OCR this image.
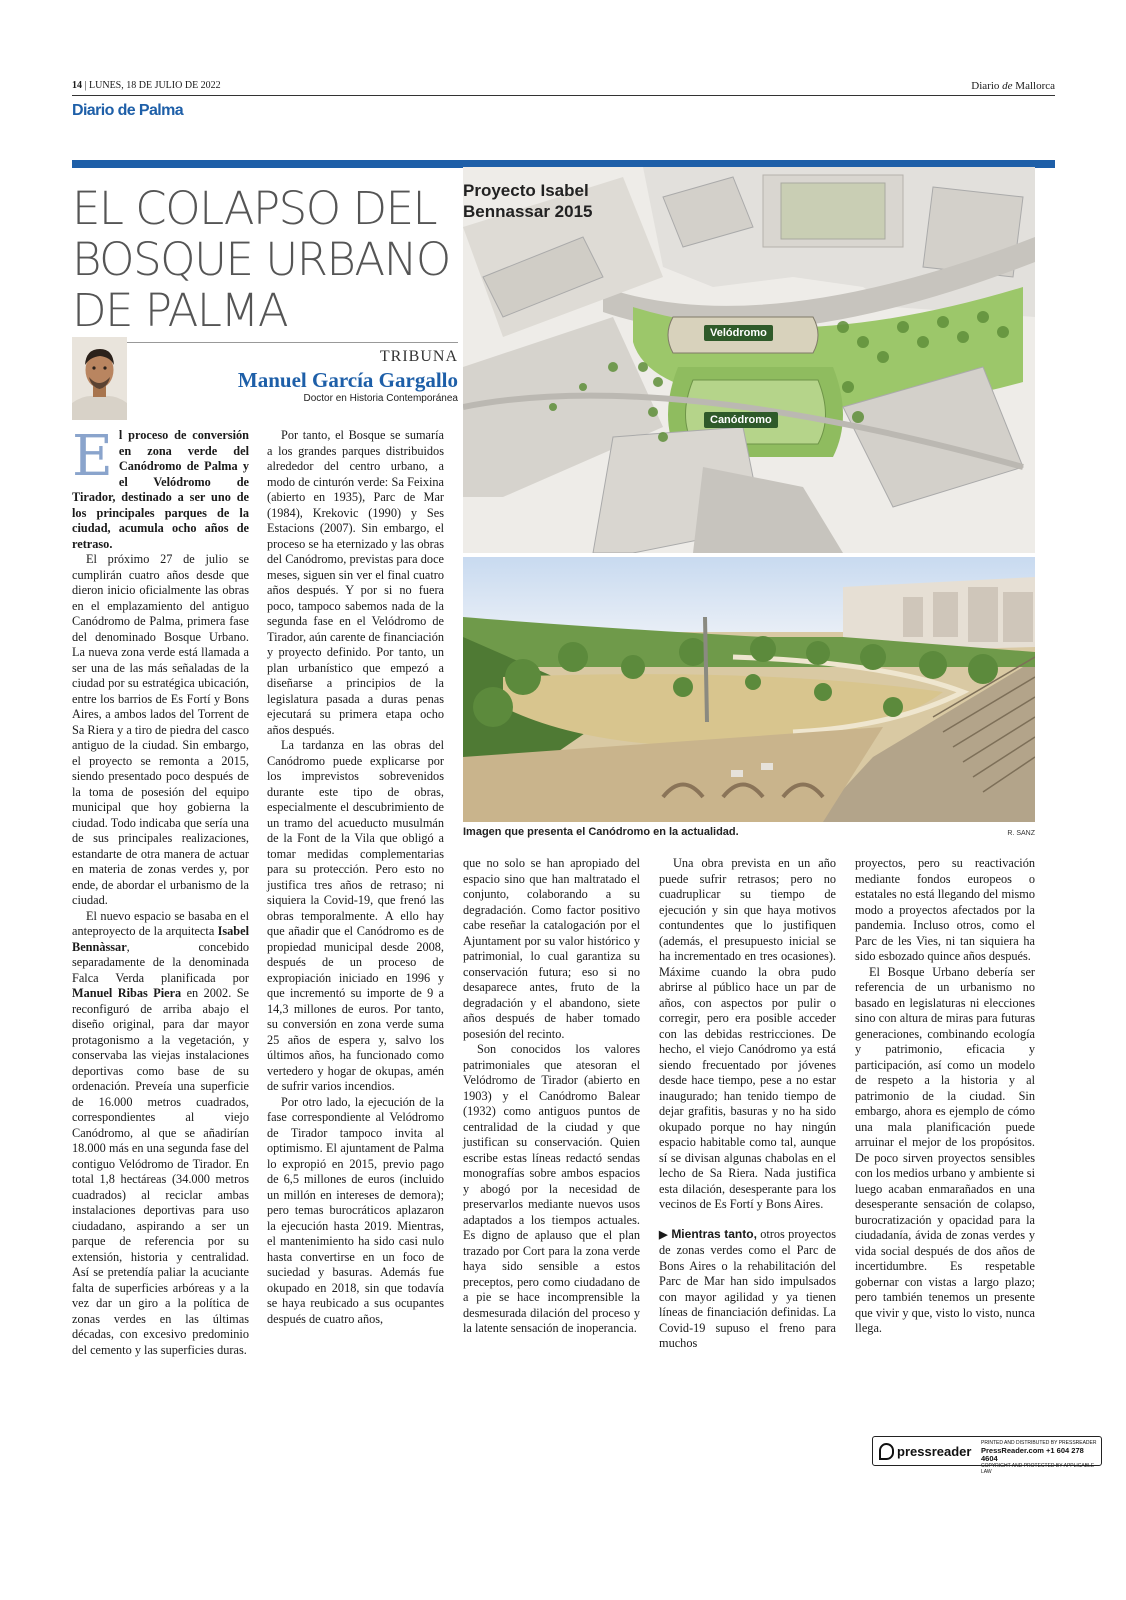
14 | LUNES, 18 DE JULIO DE 2022	Diario de Mallorca
Diario de Palma
EL COLAPSO DEL
BOSQUE URBANO
DE PALMA
TRIBUNA
Manuel García Gargallo
Doctor en Historia Contemporánea

El proceso de conversión en zona verde del Canódromo de Palma y el Velódromo de Tirador, destinado a ser uno de los principales parques de la ciudad, acumula ocho años de retraso.

El próximo 27 de julio se cumplirán cuatro años desde que dieron inicio oficialmente las obras en el emplazamiento del antiguo Canódromo de Palma, primera fase del denominado Bosque Urbano. La nueva zona verde está llamada a ser una de las más señaladas de la ciudad por su estratégica ubicación, entre los barrios de Es Fortí y Bons Aires, a ambos lados del Torrent de Sa Riera y a tiro de piedra del casco antiguo de la ciudad. Sin embargo, el proyecto se remonta a 2015, siendo presentado poco después de la toma de posesión del equipo municipal que hoy gobierna la ciudad. Todo indicaba que sería una de sus principales realizaciones, estandarte de otra manera de actuar en materia de zonas verdes y, por ende, de abordar el urbanismo de la ciudad.

El nuevo espacio se basaba en el anteproyecto de la arquitecta Isabel Bennàssar, concebido separadamente de la denominada Falca Verda planificada por Manuel Ribas Piera en 2002. Se reconfiguró de arriba abajo el diseño original, para dar mayor protagonismo a la vegetación, y conservaba las viejas instalaciones deportivas como base de su ordenación. Preveía una superficie de 16.000 metros cuadrados, correspondientes al viejo Canódromo, al que se añadirían 18.000 más en una segunda fase del contiguo Velódromo de Tirador. En total 1,8 hectáreas (34.000 metros cuadrados) al reciclar ambas instalaciones deportivas para uso ciudadano, aspirando a ser un parque de referencia por su extensión, historia y centralidad. Así se pretendía paliar la acuciante falta de superficies arbóreas y a la vez dar un giro a la política de zonas verdes en las últimas décadas, con excesivo predominio del cemento y las superficies duras.

Por tanto, el Bosque se sumaría a los grandes parques distribuidos alrededor del centro urbano, a modo de cinturón verde: Sa Feixina (abierto en 1935), Parc de Mar (1984), Krekovic (1990) y Ses Estacions (2007). Sin embargo, el proceso se ha eternizado y las obras del Canódromo, previstas para doce meses, siguen sin ver el final cuatro años después. Y por si no fuera poco, tampoco sabemos nada de la segunda fase en el Velódromo de Tirador, aún carente de financiación y proyecto definido. Por tanto, un plan urbanístico que empezó a diseñarse a principios de la legislatura pasada a duras penas ejecutará su primera etapa ocho años después.

La tardanza en las obras del Canódromo puede explicarse por los imprevistos sobrevenidos durante este tipo de obras, especialmente el descubrimiento de un tramo del acueducto musulmán de la Font de la Vila que obligó a tomar medidas complementarias para su protección. Pero esto no justifica tres años de retraso; ni siquiera la Covid-19, que frenó las obras temporalmente. A ello hay que añadir que el Canódromo es de propiedad municipal desde 2008, después de un proceso de expropiación iniciado en 1996 y que incrementó su importe de 9 a 14,3 millones de euros. Por tanto, su conversión en zona verde suma 25 años de espera y, salvo los últimos años, ha funcionado como vertedero y hogar de okupas, amén de sufrir varios incendios.

Por otro lado, la ejecución de la fase correspondiente al Velódromo de Tirador tampoco invita al optimismo. El ajuntament de Palma lo expropió en 2015, previo pago de 6,5 millones de euros (incluido un millón en intereses de demora); pero temas burocráticos aplazaron la ejecución hasta 2019. Mientras, el mantenimiento ha sido casi nulo hasta convertirse en un foco de suciedad y basuras. Además fue okupado en 2018, sin que todavía se haya reubicado a sus ocupantes después de cuatro años,

Proyecto Isabel
Bennassar 2015
Velódromo
Canódromo
Imagen que presenta el Canódromo en la actualidad.	R. SANZ

que no solo se han apropiado del espacio sino que han maltratado el conjunto, colaborando a su degradación. Como factor positivo cabe reseñar la catalogación por el Ajuntament por su valor histórico y patrimonial, lo cual garantiza su conservación futura; eso si no desaparece antes, fruto de la degradación y el abandono, siete años después de haber tomado posesión del recinto.

Son conocidos los valores patrimoniales que atesoran el Velódromo de Tirador (abierto en 1903) y el Canódromo Balear (1932) como antiguos puntos de centralidad de la ciudad y que justifican su conservación. Quien escribe estas líneas redactó sendas monografías sobre ambos espacios y abogó por la necesidad de preservarlos mediante nuevos usos adaptados a los tiempos actuales. Es digno de aplauso que el plan trazado por Cort para la zona verde haya sido sensible a estos preceptos, pero como ciudadano de a pie se hace incomprensible la desmesurada dilación del proceso y la latente sensación de inoperancia.

Una obra prevista en un año puede sufrir retrasos; pero no cuadruplicar su tiempo de ejecución y sin que haya motivos contundentes que lo justifiquen (además, el presupuesto inicial se ha incrementado en tres ocasiones). Máxime cuando la obra pudo abrirse al público hace un par de años, con aspectos por pulir o corregir, pero era posible acceder con las debidas restricciones. De hecho, el viejo Canódromo ya está siendo frecuentado por jóvenes desde hace tiempo, pese a no estar inaugurado; han tenido tiempo de dejar grafitis, basuras y no ha sido okupado porque no hay ningún espacio habitable como tal, aunque sí se divisan algunas chabolas en el lecho de Sa Riera. Nada justifica esta dilación, desesperante para los vecinos de Es Fortí y Bons Aires.

▶ Mientras tanto, otros proyectos de zonas verdes como el Parc de Bons Aires o la rehabilitación del Parc de Mar han sido impulsados con mayor agilidad y ya tienen líneas de financiación definidas. La Covid-19 supuso el freno para muchos

proyectos, pero su reactivación mediante fondos europeos o estatales no está llegando del mismo modo a proyectos afectados por la pandemia. Incluso otros, como el Parc de les Vies, ni tan siquiera ha sido esbozado quince años después.

El Bosque Urbano debería ser referencia de un urbanismo no basado en legislaturas ni elecciones sino con altura de miras para futuras generaciones, combinando ecología y patrimonio, eficacia y participación, así como un modelo de respeto a la historia y al patrimonio de la ciudad. Sin embargo, ahora es ejemplo de cómo una mala planificación puede arruinar el mejor de los propósitos. De poco sirven proyectos sensibles con los medios urbano y ambiente si luego acaban enmarañados en una desesperante sensación de colapso, burocratización y opacidad para la ciudadanía, ávida de zonas verdes y vida social después de dos años de incertidumbre. Es respetable gobernar con vistas a largo plazo; pero también tenemos un presente que vivir y que, visto lo visto, nunca llega.

pressreader
PRINTED AND DISTRIBUTED BY PRESSREADER
PressReader.com +1 604 278 4604
COPYRIGHT AND PROTECTED BY APPLICABLE LAW
